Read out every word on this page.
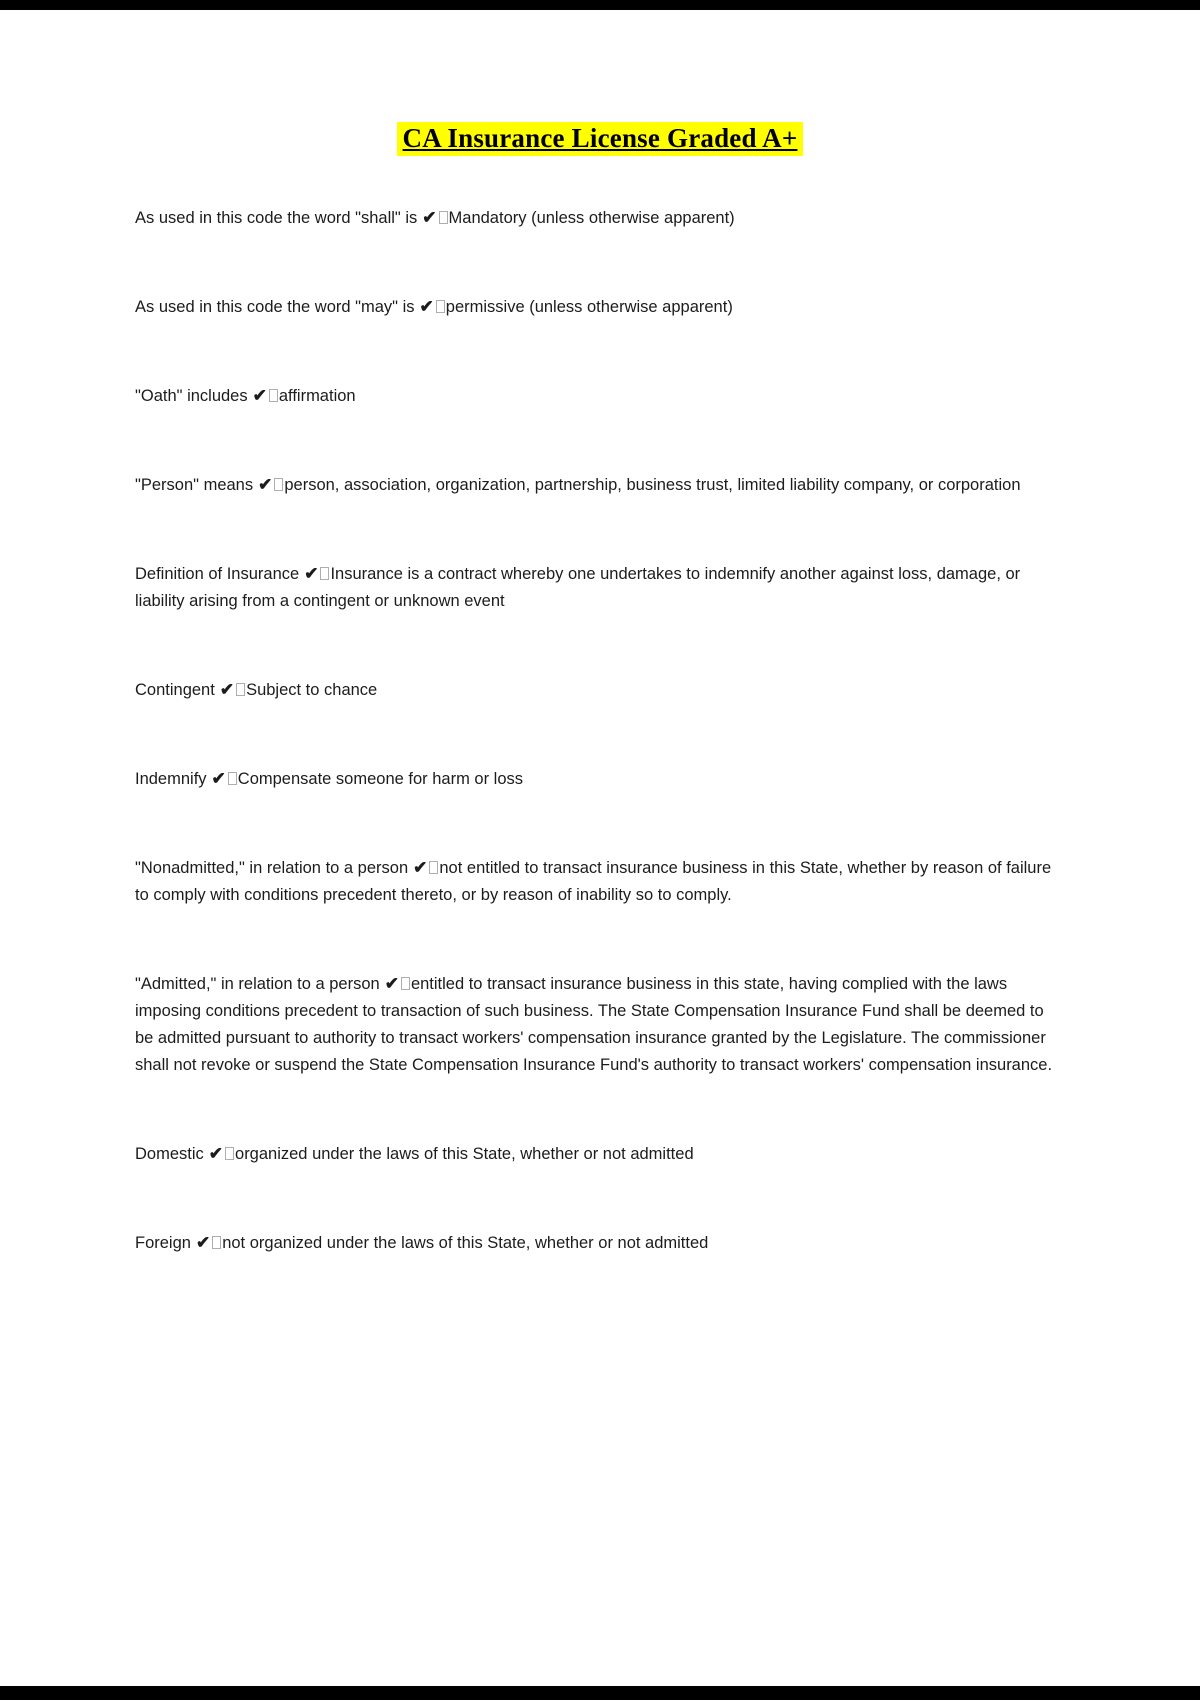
CA Insurance License Graded A+

As used in this code the word "shall" is ✔ Mandatory (unless otherwise apparent)

As used in this code the word "may" is ✔ permissive (unless otherwise apparent)

"Oath" includes ✔ affirmation

"Person" means ✔ person, association, organization, partnership, business trust, limited liability company, or corporation

Definition of Insurance ✔ Insurance is a contract whereby one undertakes to indemnify another against loss, damage, or liability arising from a contingent or unknown event

Contingent ✔ Subject to chance

Indemnify ✔ Compensate someone for harm or loss

"Nonadmitted," in relation to a person ✔ not entitled to transact insurance business in this State, whether by reason of failure to comply with conditions precedent thereto, or by reason of inability so to comply.

"Admitted," in relation to a person ✔ entitled to transact insurance business in this state, having complied with the laws imposing conditions precedent to transaction of such business. The State Compensation Insurance Fund shall be deemed to be admitted pursuant to authority to transact workers' compensation insurance granted by the Legislature. The commissioner shall not revoke or suspend the State Compensation Insurance Fund's authority to transact workers' compensation insurance.

Domestic ✔ organized under the laws of this State, whether or not admitted

Foreign ✔ not organized under the laws of this State, whether or not admitted
